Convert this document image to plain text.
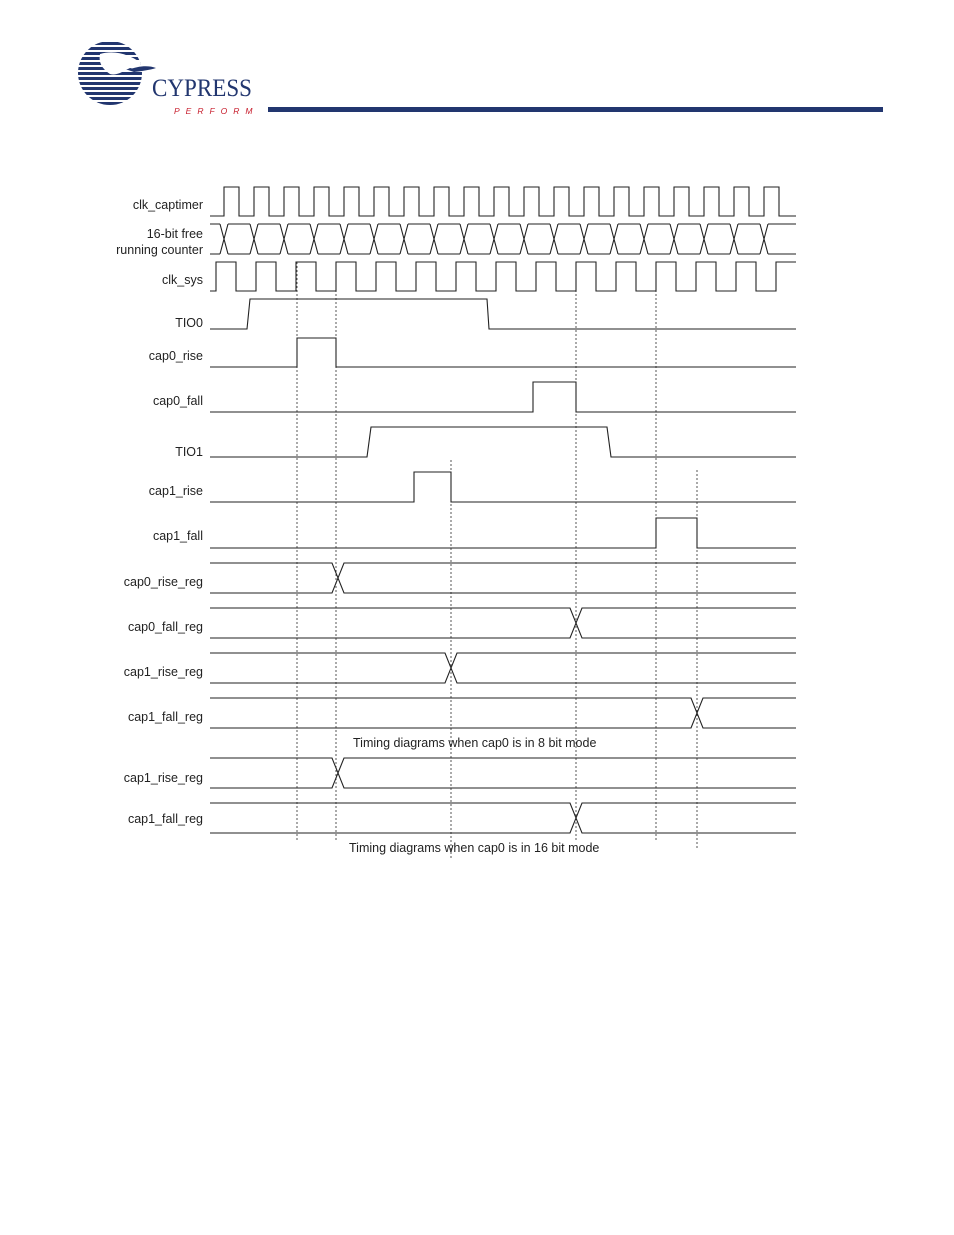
CYPRESS
PERFORM
clk_captimer
16-bit free
running counter
clk_sys
TIO0
cap0_rise
cap0_fall
TIO1
cap1_rise
cap1_fall
cap0_rise_reg
cap0_fall_reg
cap1_rise_reg
cap1_fall_reg
cap1_rise_reg
cap1_fall_reg
Timing diagrams when cap0 is in 8 bit mode
Timing diagrams when cap0 is in 16 bit mode
